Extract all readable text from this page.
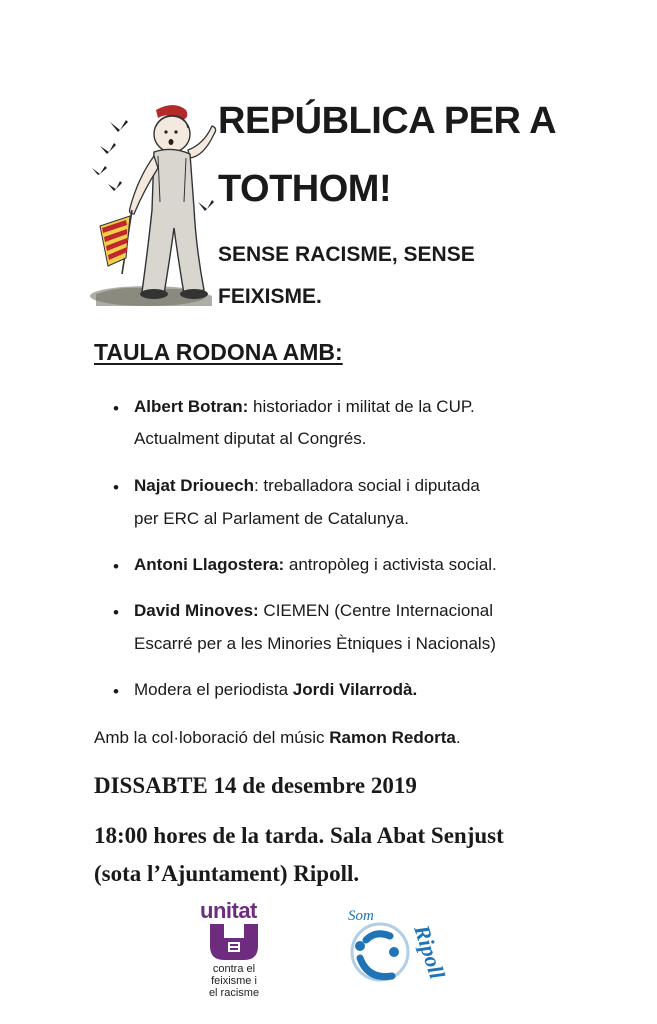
REPÚBLICA PER A
TOTHOM!
SENSE RACISME, SENSE
FEIXISME.
TAULA RODONA AMB:
• Albert Botran: historiador i militat de la CUP.
Actualment diputat al Congrés.
• Najat Driouech: treballadora social i diputada
per ERC al Parlament de Catalunya.
• Antoni Llagostera: antropòleg i activista social.
• David Minoves: CIEMEN (Centre Internacional
Escarré per a les Minories Ètniques i Nacionals)
• Modera el periodista Jordi Vilarrodà.
Amb la col·loboració del músic Ramon Redorta.
DISSABTE 14 de desembre 2019
18:00 hores de la tarda. Sala Abat Senjust
(sota l’Ajuntament) Ripoll.
unitat
contra el
feixisme i
el racisme
Som
Ripoll
